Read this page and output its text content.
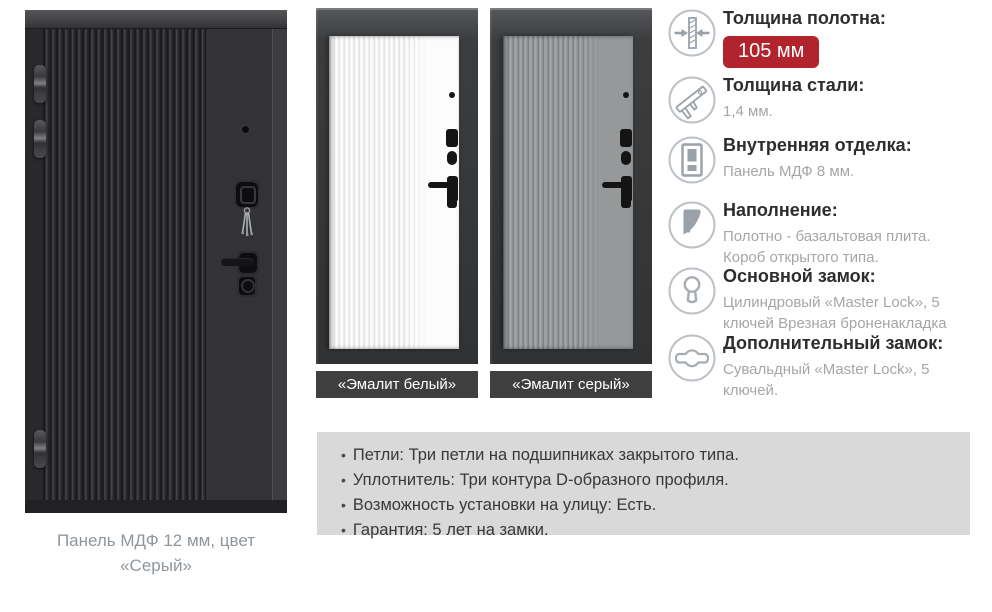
Панель МДФ 12 мм, цвет «Серый»
«Эмалит белый»	«Эмалит серый»
Толщина полотна:
105 мм
Толщина стали:
1,4 мм.
Внутренняя отделка:
Панель МДФ 8 мм.
Наполнение:
Полотно - базальтовая плита. Короб открытого типа.
Основной замок:
Цилиндровый «Master Lock», 5 ключей Врезная броненакладка
Дополнительный замок:
Сувальдный «Master Lock», 5 ключей.
• Петли: Три петли на подшипниках закрытого типа.
• Уплотнитель: Три контура D-образного профиля.
• Возможность установки на улицу: Есть.
• Гарантия: 5 лет на замки.
